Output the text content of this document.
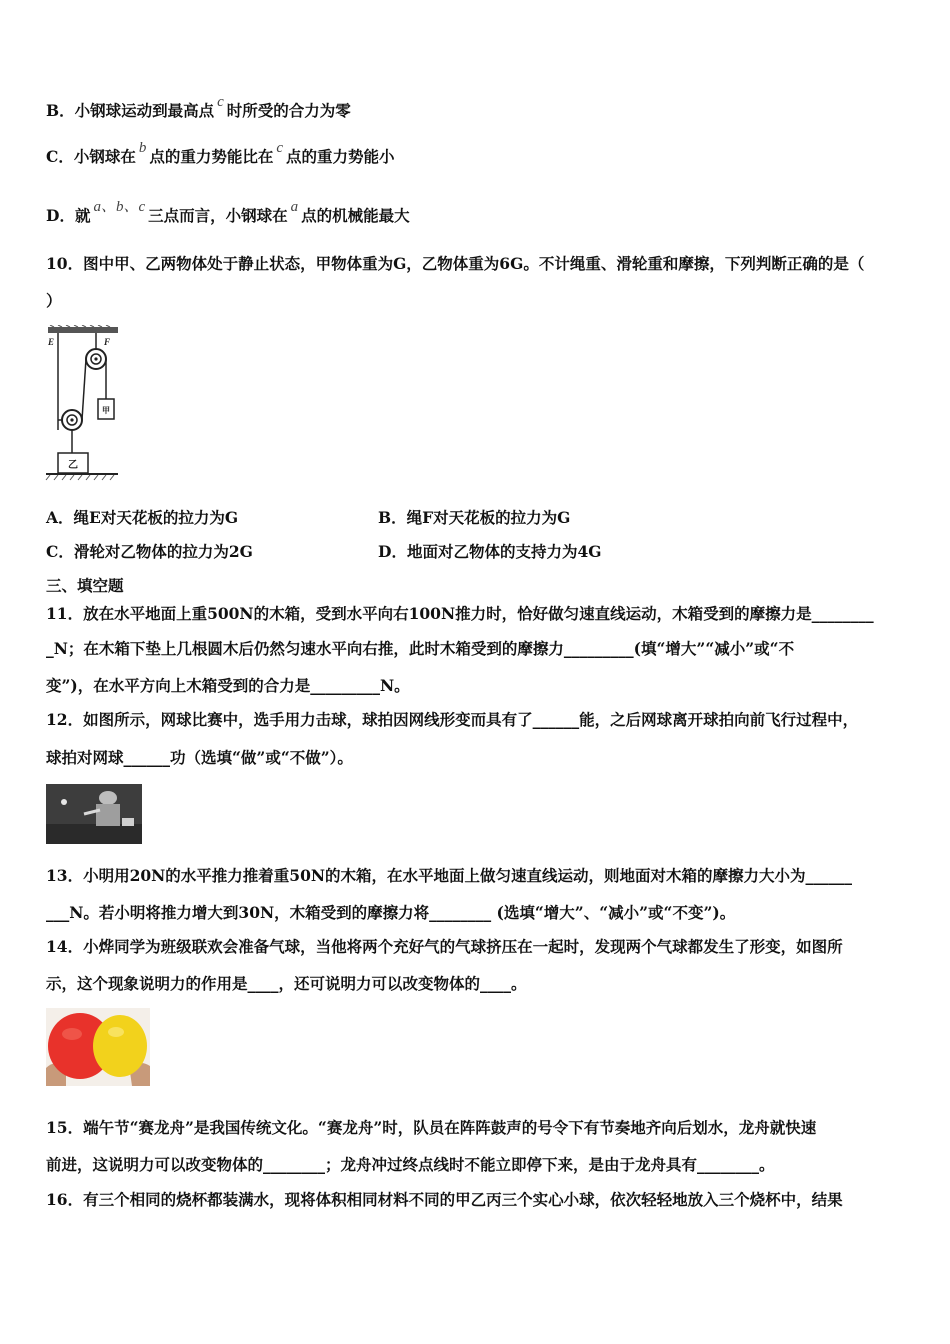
B．小钢球运动到最高点 c 时所受的合力为零
C．小钢球在 b 点的重力势能比在 c 点的重力势能小
D．就 a、b、c 三点而言，小钢球在 a 点的机械能最大
10．图中甲、乙两物体处于静止状态，甲物体重为G，乙物体重为6G。不计绳重、滑轮重和摩擦，下列判断正确的是（
）
E	F
甲
乙
A．绳E对天花板的拉力为G	B．绳F对天花板的拉力为G
C．滑轮对乙物体的拉力为2G	D．地面对乙物体的支持力为4G
三、填空题
11．放在水平地面上重500N的木箱，受到水平向右100N推力时，恰好做匀速直线运动，木箱受到的摩擦力是________
_N；在木箱下垫上几根圆木后仍然匀速水平向右推，此时木箱受到的摩擦力_________(填“增大”“减小”或“不
变”)，在水平方向上木箱受到的合力是_________N。
12．如图所示，网球比赛中，选手用力击球，球拍因网线形变而具有了______能，之后网球离开球拍向前飞行过程中，
球拍对网球______功（选填“做”或“不做”）。
13．小明用20N的水平推力推着重50N的木箱，在水平地面上做匀速直线运动，则地面对木箱的摩擦力大小为______
___N。若小明将推力增大到30N，木箱受到的摩擦力将________ (选填“增大”、“减小”或“不变”)。
14．小烨同学为班级联欢会准备气球，当他将两个充好气的气球挤压在一起时，发现两个气球都发生了形变，如图所
示，这个现象说明力的作用是____，还可说明力可以改变物体的____。
15．端午节“赛龙舟”是我国传统文化。“赛龙舟”时，队员在阵阵鼓声的号令下有节奏地齐向后划水，龙舟就快速
前进，这说明力可以改变物体的________；龙舟冲过终点线时不能立即停下来，是由于龙舟具有________。
16．有三个相同的烧杯都装满水，现将体积相同材料不同的甲乙丙三个实心小球，依次轻轻地放入三个烧杯中，结果
